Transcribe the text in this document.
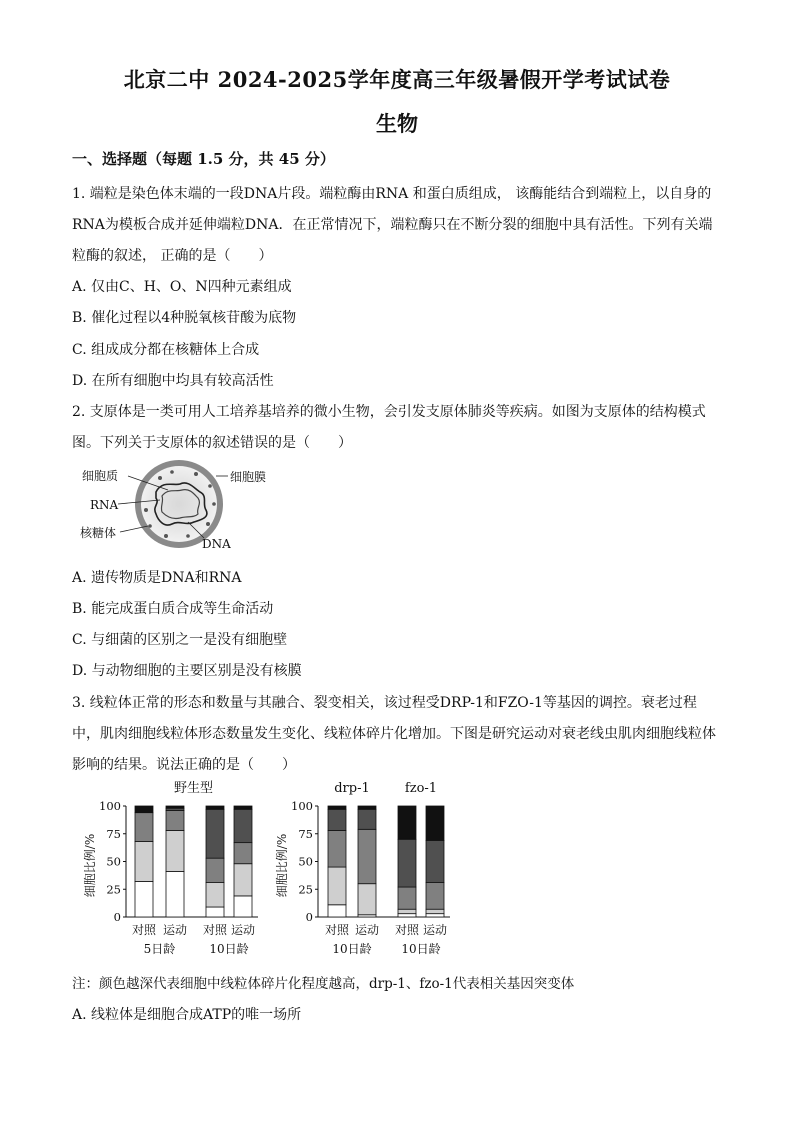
北京二中 2024-2025学年度高三年级暑假开学考试试卷
生物
一、选择题（每题 1.5 分，共 45 分）
1. 端粒是染色体末端的一段DNA片段。端粒酶由RNA 和蛋白质组成， 该酶能结合到端粒上，以自身的
RNA为模板合成并延伸端粒DNA．在正常情况下，端粒酶只在不断分裂的细胞中具有活性。下列有关端
粒酶的叙述， 正确的是（　　）
A. 仅由C、H、O、N四种元素组成
B. 催化过程以4种脱氧核苷酸为底物
C. 组成成分都在核糖体上合成
D. 在所有细胞中均具有较高活性
2. 支原体是一类可用人工培养基培养的微小生物，会引发支原体肺炎等疾病。如图为支原体的结构模式
图。下列关于支原体的叙述错误的是（　　）
细胞质	细胞膜
RNA
核糖体
DNA
A. 遗传物质是DNA和RNA
B. 能完成蛋白质合成等生命活动
C. 与细菌的区别之一是没有细胞壁
D. 与动物细胞的主要区别是没有核膜
3. 线粒体正常的形态和数量与其融合、裂变相关，该过程受DRP-1和FZO-1等基因的调控。衰老过程
中，肌肉细胞线粒体形态数量发生变化、线粒体碎片化增加。下图是研究运动对衰老线虫肌肉细胞线粒体
影响的结果。说法正确的是（　　）
细胞比例/%
0
25
50
75
100
对照 运动 对照 运动
5日龄	10日龄
野生型
细胞比例/%
0
25
50
75
100
对照 运动 对照 运动
10日龄 10日龄
drp-1	fzo-1
注：颜色越深代表细胞中线粒体碎片化程度越高，drp-1、fzo-1代表相关基因突变体
A. 线粒体是细胞合成ATP的唯一场所
